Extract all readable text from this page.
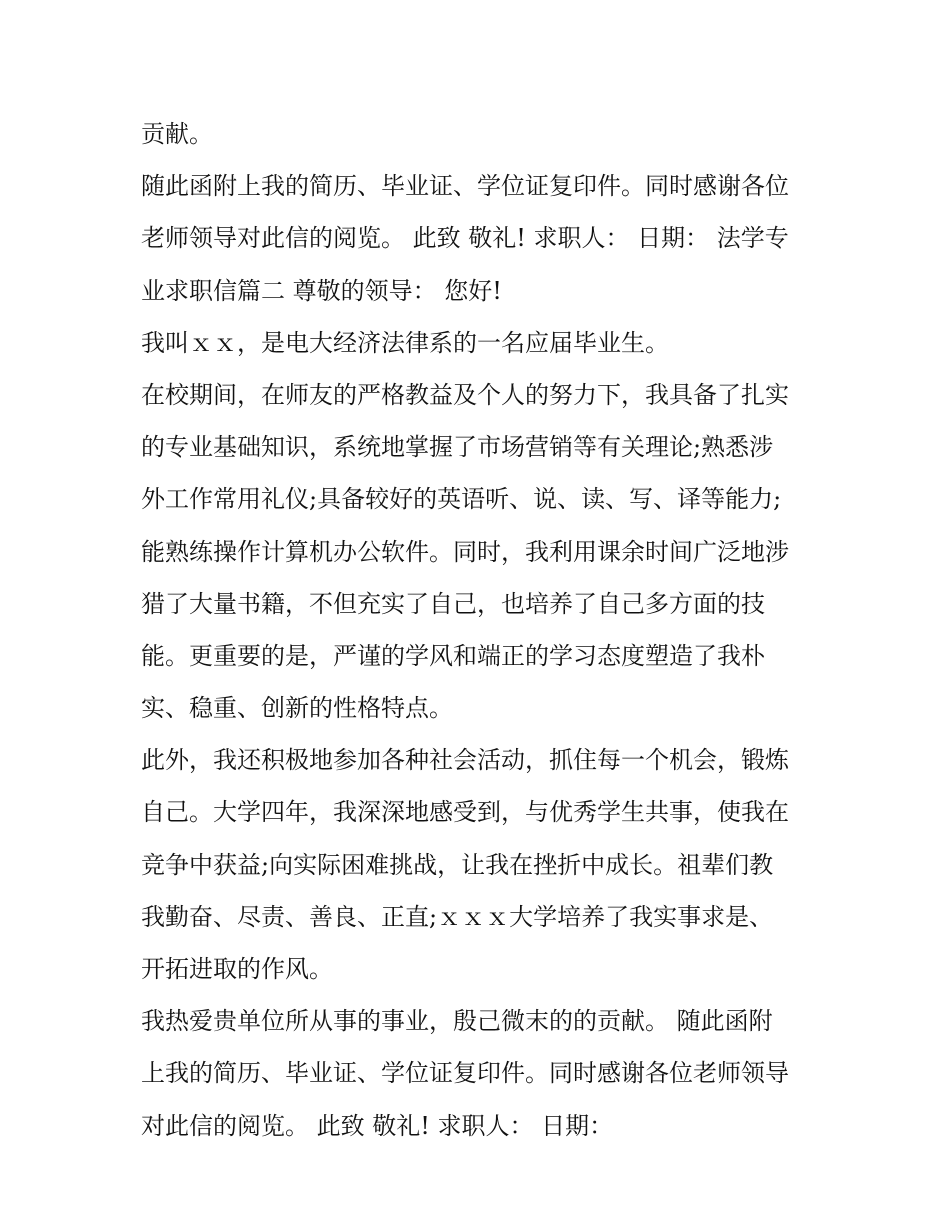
贡献。
随此函附上我的简历、毕业证、学位证复印件。同时感谢各位
老师领导对此信的阅览。 此致 敬礼! 求职人： 日期： 法学专
业求职信篇二 尊敬的领导： 您好!
我叫ｘｘ，是电大经济法律系的一名应届毕业生。
在校期间，在师友的严格教益及个人的努力下，我具备了扎实
的专业基础知识，系统地掌握了市场营销等有关理论;熟悉涉
外工作常用礼仪;具备较好的英语听、说、读、写、译等能力;
能熟练操作计算机办公软件。同时，我利用课余时间广泛地涉
猎了大量书籍，不但充实了自己，也培养了自己多方面的技
能。更重要的是，严谨的学风和端正的学习态度塑造了我朴
实、稳重、创新的性格特点。
此外，我还积极地参加各种社会活动，抓住每一个机会，锻炼
自己。大学四年，我深深地感受到，与优秀学生共事，使我在
竞争中获益;向实际困难挑战，让我在挫折中成长。祖辈们教
我勤奋、尽责、善良、正直;ｘｘｘ大学培养了我实事求是、
开拓进取的作风。
我热爱贵单位所从事的事业，殷己微末的的贡献。 随此函附
上我的简历、毕业证、学位证复印件。同时感谢各位老师领导
对此信的阅览。 此致 敬礼! 求职人： 日期：
